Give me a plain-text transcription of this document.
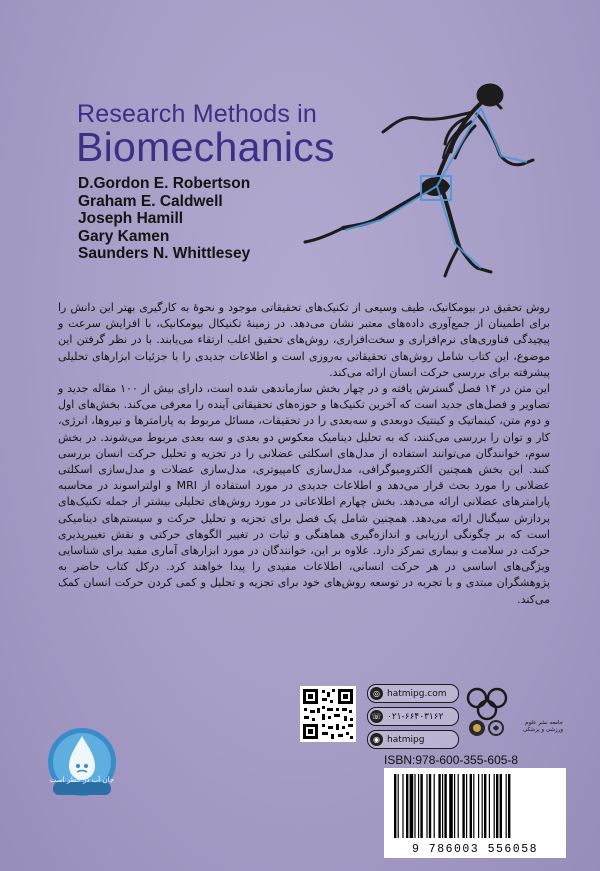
Research Methods in
Biomechanics
D.Gordon E. Robertson
Graham E. Caldwell
Joseph Hamill
Gary Kamen
Saunders N. Whittlesey

روش تحقیق در بیومکانیک، طیف وسیعی از تکنیک‌های تحقیقاتی موجود و نحوهٔ به کارگیری بهتر این دانش را برای اطمینان از جمع‌آوری داده‌های معتبر نشان می‌دهد. در زمینهٔ تکنیکال بیومکانیک، با افزایش سرعت و پیچیدگی فناوری‌های نرم‌افزاری و سخت‌افزاری، روش‌های تحقیق اغلب ارتقاء می‌یابند. با در نظر گرفتن این موضوع، این کتاب شامل روش‌های تحقیقاتی به‌روزی است و اطلاعات جدیدی را با جزئیات ابزارهای تحلیلی پیشرفته برای بررسی حرکت انسان ارائه می‌کند.

این متن در ۱۴ فصل گسترش یافته و در چهار بخش سازماندهی شده است، دارای بیش از ۱۰۰ مقاله جدید و تصاویر و فصل‌های جدید است که آخرین تکنیک‌ها و حوزه‌های تحقیقاتی آینده را معرفی می‌کند. بخش‌های اول و دوم متن، کینماتیک و کینتیک دوبعدی و سه‌بعدی را در تحقیقات، مسائل مربوط به پارامترها و نیروها، انرژی، کار و توان را بررسی می‌کنند، که به تحلیل دینامیک معکوس دو بعدی و سه بعدی مربوط می‌شوند. در بخش سوم، خوانندگان می‌توانند استفاده از مدل‌های اسکلتی عضلانی را در تجزیه و تحلیل حرکت انسان بررسی کنند. این بخش همچنین الکترومیوگرافی، مدل‌سازی کامپیوتری، مدل‌سازی عضلات و مدل‌سازی اسکلتی عضلانی را مورد بحث قرار می‌دهد و اطلاعات جدیدی در مورد استفاده از MRI و اولتراسوند در محاسبه پارامترهای عضلانی ارائه می‌دهد. بخش چهارم اطلاعاتی در مورد روش‌های تحلیلی بیشتر از جمله تکنیک‌های پردازش سیگنال ارائه می‌دهد. همچنین شامل یک فصل برای تجزیه و تحلیل حرکت و سیستم‌های دینامیکی است که بر چگونگی ارزیابی و اندازه‌گیری هماهنگی و ثبات در تغییر الگوهای حرکتی و نقش تغییرپذیری حرکت در سلامت و بیماری تمرکز دارد. علاوه بر این، خوانندگان در مورد ابزارهای آماری مفید برای شناسایی ویژگی‌های اساسی در هر حرکت انسانی، اطلاعات مفیدی را پیدا خواهند کرد. درکل کتاب حاضر به پژوهشگران مبتدی و با تجربه در توسعه روش‌های خود برای تجزیه و تحلیل و کمی کردن حرکت انسان کمک می‌کند.

◎ hatmipg.com
☏ ۰۲۱-۶۶۴۰۳۱۶۲
◉ hatmipg
جامعه نشر علوم ورزشی و پزشکی
جان آب در خطر است
ISBN:978-600-355-605-8
9 786003 556058
